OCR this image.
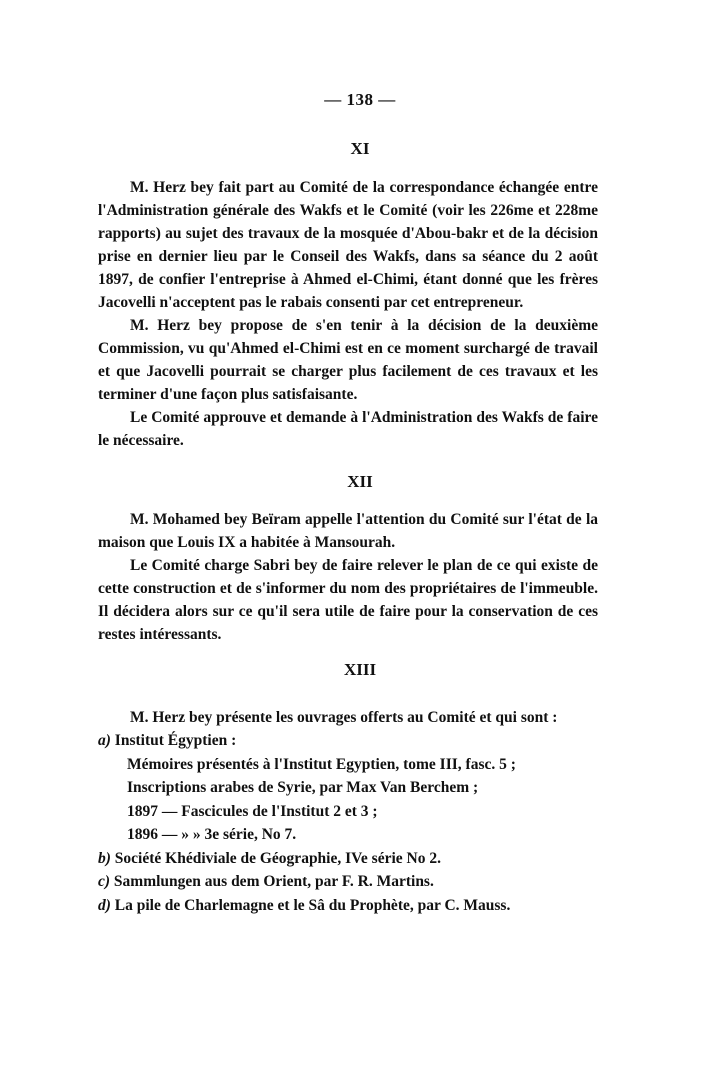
— 138 —
XI

M. Herz bey fait part au Comité de la correspondance échangée entre l'Administration générale des Wakfs et le Comité (voir les 226me et 228me rapports) au sujet des travaux de la mosquée d'Abou-bakr et de la décision prise en dernier lieu par le Conseil des Wakfs, dans sa séance du 2 août 1897, de confier l'entreprise à Ahmed el-Chimi, étant donné que les frères Jacovelli n'acceptent pas le rabais consenti par cet entrepreneur.

M. Herz bey propose de s'en tenir à la décision de la deuxième Commission, vu qu'Ahmed el-Chimi est en ce moment surchargé de travail et que Jacovelli pourrait se charger plus facilement de ces travaux et les terminer d'une façon plus satisfaisante.

Le Comité approuve et demande à l'Administration des Wakfs de faire le nécessaire.

XII

M. Mohamed bey Beïram appelle l'attention du Comité sur l'état de la maison que Louis IX a habitée à Mansourah.

Le Comité charge Sabri bey de faire relever le plan de ce qui existe de cette construction et de s'informer du nom des propriétaires de l'immeuble. Il décidera alors sur ce qu'il sera utile de faire pour la conservation de ces restes intéressants.

XIII

M. Herz bey présente les ouvrages offerts au Comité et qui sont :

a) Institut Égyptien :
Mémoires présentés à l'Institut Egyptien, tome III, fasc. 5 ;
Inscriptions arabes de Syrie, par Max Van Berchem ;
1897 — Fascicules de l'Institut 2 et 3 ;
1896 — » » 3e série, No 7.
b) Société Khédiviale de Géographie, IVe série No 2.
c) Sammlungen aus dem Orient, par F. R. Martins.
d) La pile de Charlemagne et le Sâ du Prophète, par C. Mauss.
